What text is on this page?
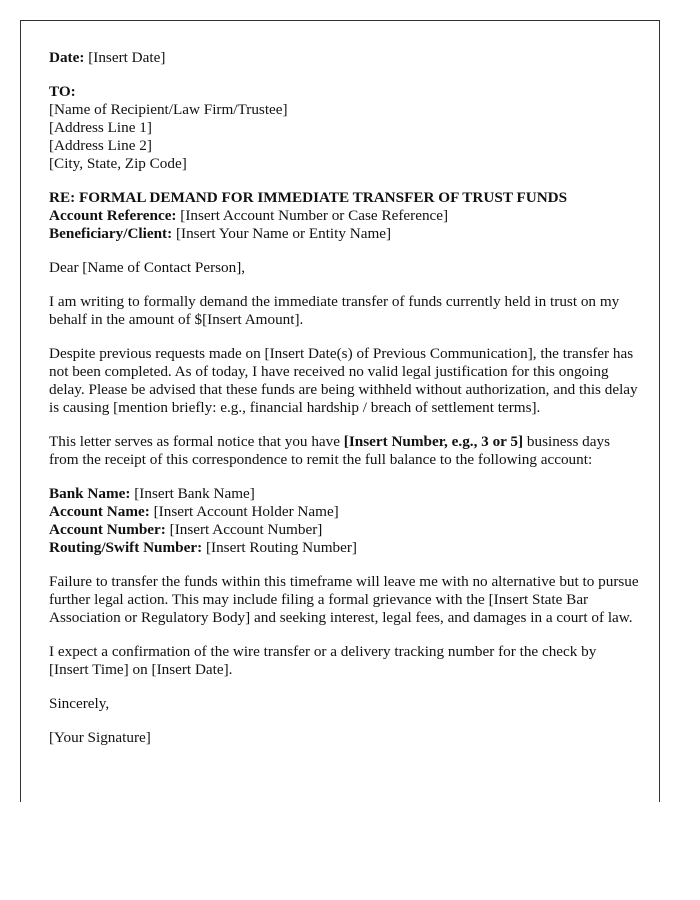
Date: [Insert Date]

TO:
[Name of Recipient/Law Firm/Trustee]
[Address Line 1]
[Address Line 2]
[City, State, Zip Code]

RE: FORMAL DEMAND FOR IMMEDIATE TRANSFER OF TRUST FUNDS
Account Reference: [Insert Account Number or Case Reference]
Beneficiary/Client: [Insert Your Name or Entity Name]

Dear [Name of Contact Person],

I am writing to formally demand the immediate transfer of funds currently held in trust on my behalf in the amount of $[Insert Amount].

Despite previous requests made on [Insert Date(s) of Previous Communication], the transfer has not been completed. As of today, I have received no valid legal justification for this ongoing delay. Please be advised that these funds are being withheld without authorization, and this delay is causing [mention briefly: e.g., financial hardship / breach of settlement terms].

This letter serves as formal notice that you have [Insert Number, e.g., 3 or 5] business days from the receipt of this correspondence to remit the full balance to the following account:

Bank Name: [Insert Bank Name]
Account Name: [Insert Account Holder Name]
Account Number: [Insert Account Number]
Routing/Swift Number: [Insert Routing Number]

Failure to transfer the funds within this timeframe will leave me with no alternative but to pursue further legal action. This may include filing a formal grievance with the [Insert State Bar Association or Regulatory Body] and seeking interest, legal fees, and damages in a court of law.

I expect a confirmation of the wire transfer or a delivery tracking number for the check by [Insert Time] on [Insert Date].

Sincerely,

[Your Signature]
